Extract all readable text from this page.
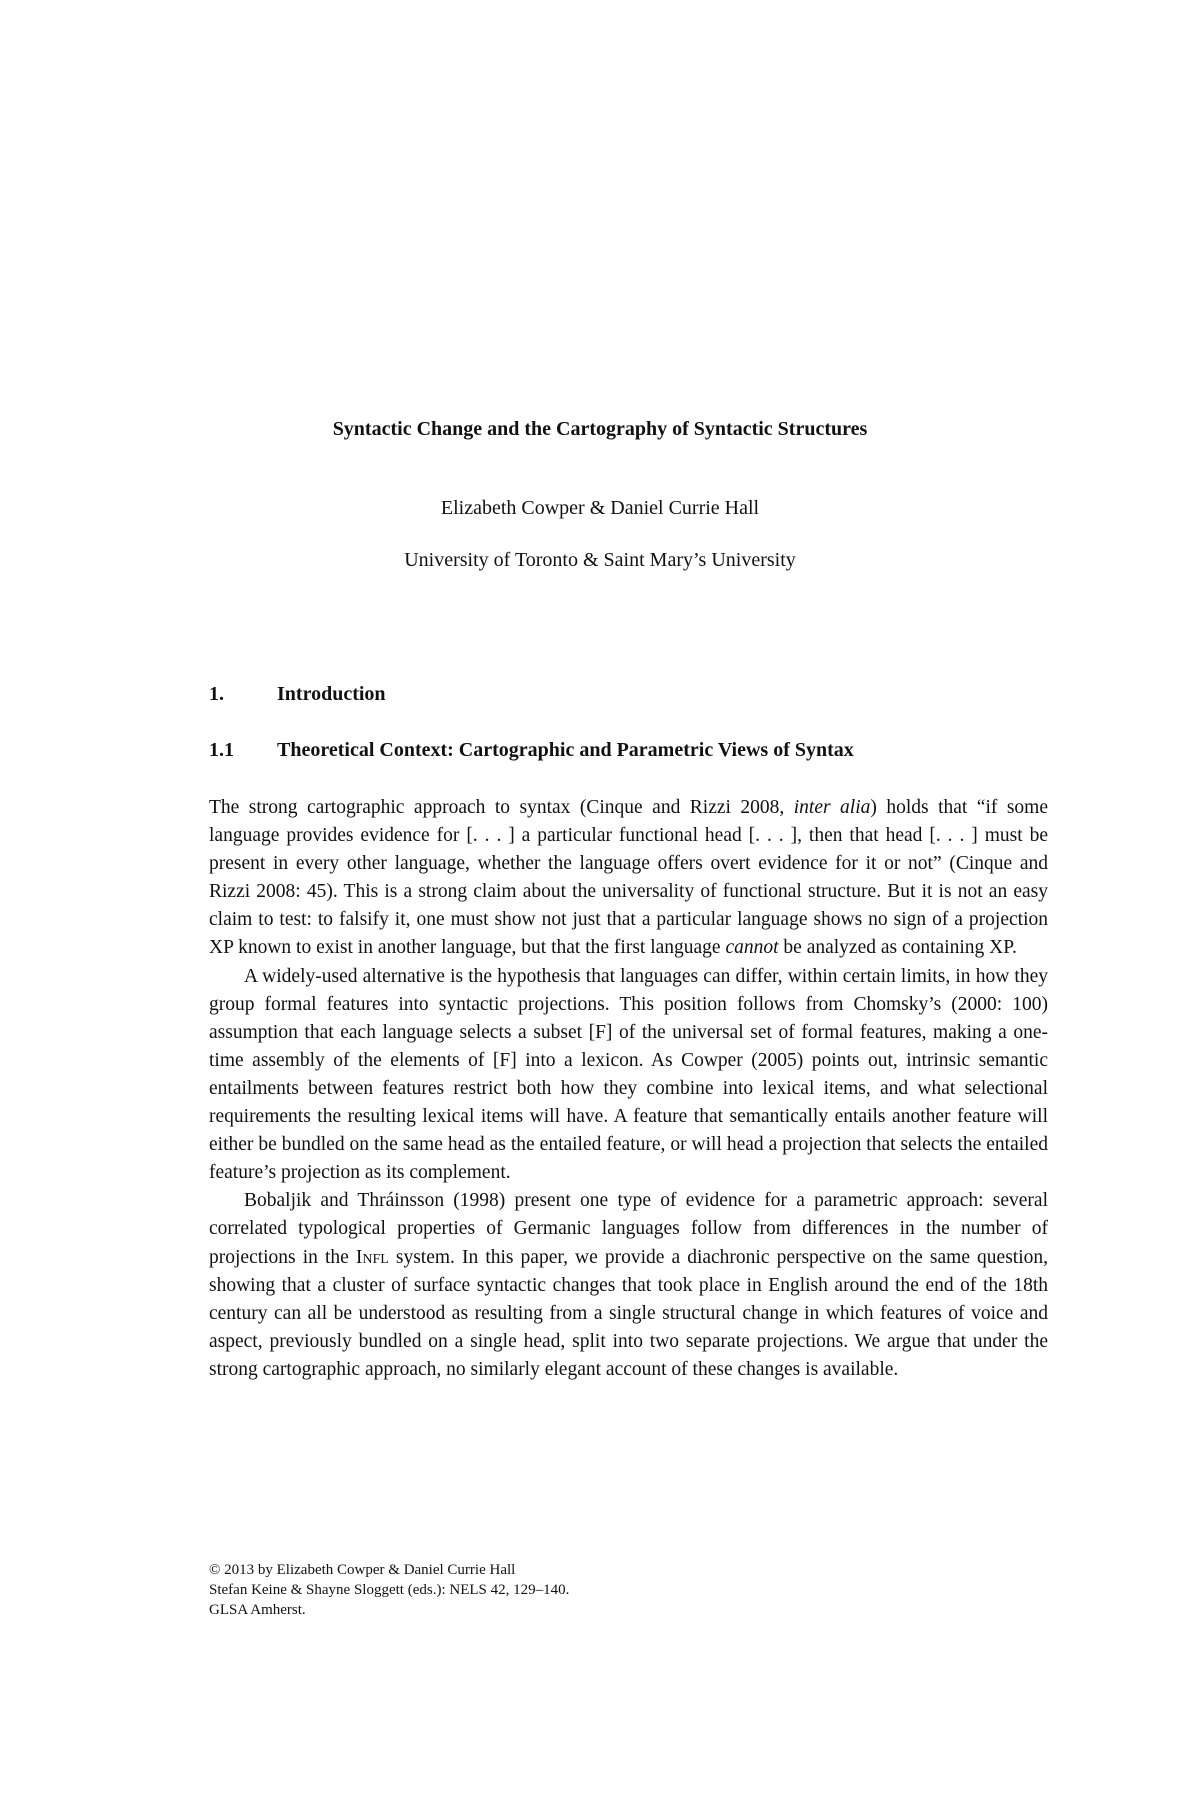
Syntactic Change and the Cartography of Syntactic Structures
Elizabeth Cowper & Daniel Currie Hall
University of Toronto & Saint Mary’s University
1.	Introduction
1.1 Theoretical Context: Cartographic and Parametric Views of Syntax

The strong cartographic approach to syntax (Cinque and Rizzi 2008, inter alia) holds that “if some language provides evidence for [. . . ] a particular functional head [. . . ], then that head [. . . ] must be present in every other language, whether the language offers overt evidence for it or not” (Cinque and Rizzi 2008: 45). This is a strong claim about the universality of functional structure. But it is not an easy claim to test: to falsify it, one must show not just that a particular language shows no sign of a projection XP known to exist in another language, but that the first language cannot be analyzed as containing XP.

A widely-used alternative is the hypothesis that languages can differ, within certain limits, in how they group formal features into syntactic projections. This position follows from Chomsky’s (2000: 100) assumption that each language selects a subset [F] of the universal set of formal features, making a one-time assembly of the elements of [F] into a lexicon. As Cowper (2005) points out, intrinsic semantic entailments between features restrict both how they combine into lexical items, and what selectional requirements the resulting lexical items will have. A feature that semantically entails another feature will either be bundled on the same head as the entailed feature, or will head a projection that selects the entailed feature’s projection as its complement.

Bobaljik and Thráinsson (1998) present one type of evidence for a parametric approach: several correlated typological properties of Germanic languages follow from differences in the number of projections in the Infl system. In this paper, we provide a diachronic perspective on the same question, showing that a cluster of surface syntactic changes that took place in English around the end of the 18th century can all be understood as resulting from a single structural change in which features of voice and aspect, previously bundled on a single head, split into two separate projections. We argue that under the strong cartographic approach, no similarly elegant account of these changes is available.

© 2013 by Elizabeth Cowper & Daniel Currie Hall
Stefan Keine & Shayne Sloggett (eds.): NELS 42, 129–140.
GLSA Amherst.
